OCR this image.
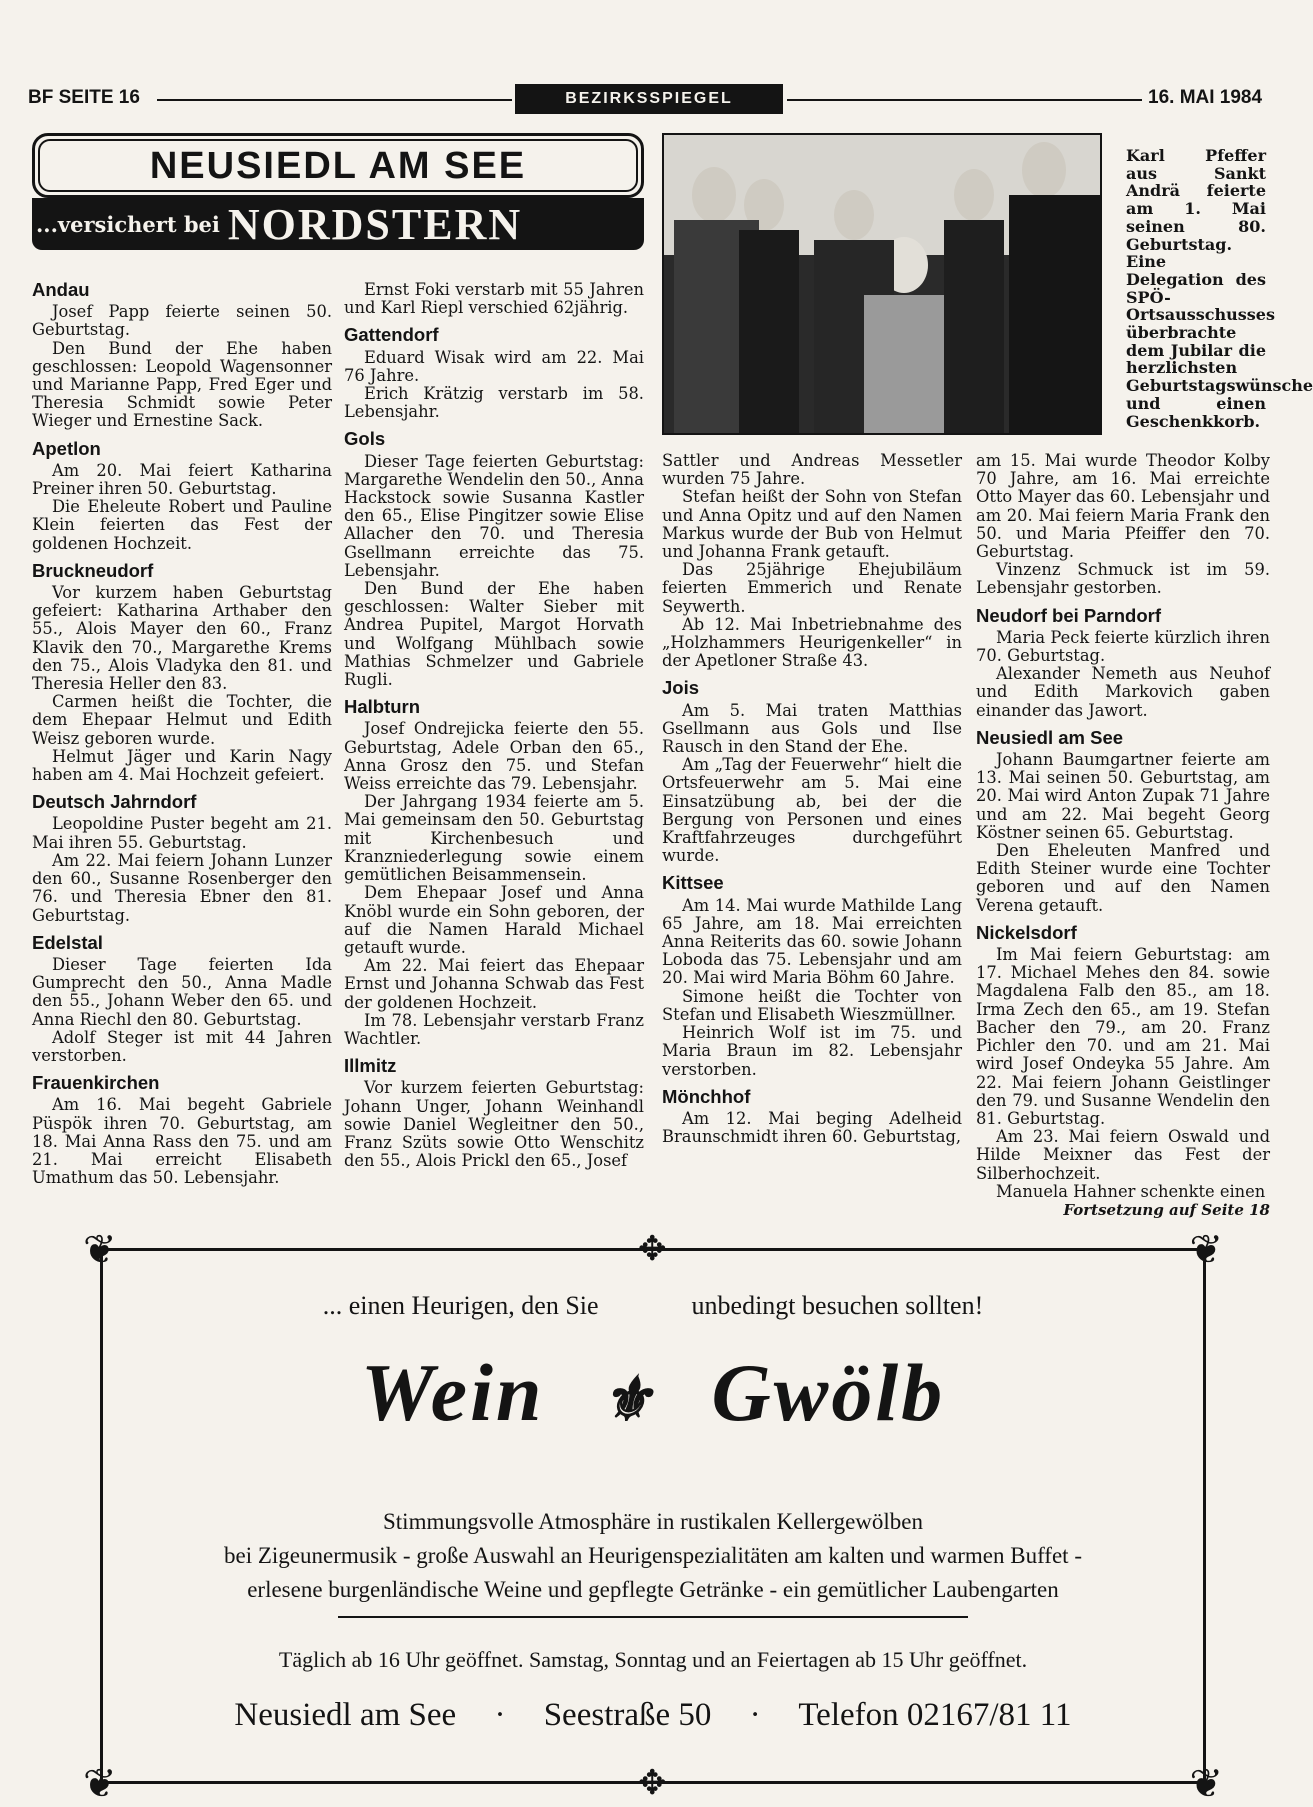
BF SEITE 16	BEZIRKSSPIEGEL	16. MAI 1984
NEUSIEDL AM SEE
...versichert bei NORDSTERN
Karl Pfeffer aus Sankt Andrä feierte am 1. Mai seinen 80. Geburtstag. Eine Delegation des SPÖ-Ortsausschusses überbrachte dem Jubilar die herzlichsten Geburtstagswünsche und einen Geschenkkorb.
Andau

Josef Papp feierte seinen 50. Geburtstag.

Den Bund der Ehe haben geschlossen: Leopold Wagensonner und Marianne Papp, Fred Eger und Theresia Schmidt sowie Peter Wieger und Ernestine Sack.

Apetlon

Am 20. Mai feiert Katharina Preiner ihren 50. Geburtstag.

Die Eheleute Robert und Pauline Klein feierten das Fest der goldenen Hochzeit.

Bruckneudorf

Vor kurzem haben Geburtstag gefeiert: Katharina Arthaber den 55., Alois Mayer den 60., Franz Klavik den 70., Margarethe Krems den 75., Alois Vladyka den 81. und Theresia Heller den 83.

Carmen heißt die Tochter, die dem Ehepaar Helmut und Edith Weisz geboren wurde.

Helmut Jäger und Karin Nagy haben am 4. Mai Hochzeit gefeiert.

Deutsch Jahrndorf

Leopoldine Puster begeht am 21. Mai ihren 55. Geburtstag.

Am 22. Mai feiern Johann Lunzer den 60., Susanne Rosenberger den 76. und Theresia Ebner den 81. Geburtstag.

Edelstal

Dieser Tage feierten Ida Gumprecht den 50., Anna Madle den 55., Johann Weber den 65. und Anna Riechl den 80. Geburtstag.

Adolf Steger ist mit 44 Jahren verstorben.

Frauenkirchen

Am 16. Mai begeht Gabriele Püspök ihren 70. Geburtstag, am 18. Mai Anna Rass den 75. und am 21. Mai erreicht Elisabeth Umathum das 50. Lebensjahr.

Ernst Foki verstarb mit 55 Jahren und Karl Riepl verschied 62jährig.

Gattendorf

Eduard Wisak wird am 22. Mai 76 Jahre.

Erich Krätzig verstarb im 58. Lebensjahr.

Gols

Dieser Tage feierten Geburtstag: Margarethe Wendelin den 50., Anna Hackstock sowie Susanna Kastler den 65., Elise Pingitzer sowie Elise Allacher den 70. und Theresia Gsellmann erreichte das 75. Lebensjahr.

Den Bund der Ehe haben geschlossen: Walter Sieber mit Andrea Pupitel, Margot Horvath und Wolfgang Mühlbach sowie Mathias Schmelzer und Gabriele Rugli.

Halbturn

Josef Ondrejicka feierte den 55. Geburtstag, Adele Orban den 65., Anna Grosz den 75. und Stefan Weiss erreichte das 79. Lebensjahr.

Der Jahrgang 1934 feierte am 5. Mai gemeinsam den 50. Geburtstag mit Kirchenbesuch und Kranzniederlegung sowie einem gemütlichen Beisammensein.

Dem Ehepaar Josef und Anna Knöbl wurde ein Sohn geboren, der auf die Namen Harald Michael getauft wurde.

Am 22. Mai feiert das Ehepaar Ernst und Johanna Schwab das Fest der goldenen Hochzeit.

Im 78. Lebensjahr verstarb Franz Wachtler.

Illmitz

Vor kurzem feierten Geburtstag: Johann Unger, Johann Weinhandl sowie Daniel Wegleitner den 50., Franz Szüts sowie Otto Wenschitz den 55., Alois Prickl den 65., Josef

Sattler und Andreas Messetler wurden 75 Jahre.

Stefan heißt der Sohn von Stefan und Anna Opitz und auf den Namen Markus wurde der Bub von Helmut und Johanna Frank getauft.

Das 25jährige Ehejubiläum feierten Emmerich und Renate Seywerth.

Ab 12. Mai Inbetriebnahme des „Holzhammers Heurigenkeller“ in der Apetloner Straße 43.

Jois

Am 5. Mai traten Matthias Gsellmann aus Gols und Ilse Rausch in den Stand der Ehe.

Am „Tag der Feuerwehr“ hielt die Ortsfeuerwehr am 5. Mai eine Einsatzübung ab, bei der die Bergung von Personen und eines Kraftfahrzeuges durchgeführt wurde.

Kittsee

Am 14. Mai wurde Mathilde Lang 65 Jahre, am 18. Mai erreichten Anna Reiterits das 60. sowie Johann Loboda das 75. Lebensjahr und am 20. Mai wird Maria Böhm 60 Jahre.

Simone heißt die Tochter von Stefan und Elisabeth Wieszmüllner.

Heinrich Wolf ist im 75. und Maria Braun im 82. Lebensjahr verstorben.

Mönchhof

Am 12. Mai beging Adelheid Braunschmidt ihren 60. Geburtstag,

am 15. Mai wurde Theodor Kolby 70 Jahre, am 16. Mai erreichte Otto Mayer das 60. Lebensjahr und am 20. Mai feiern Maria Frank den 50. und Maria Pfeiffer den 70. Geburtstag.

Vinzenz Schmuck ist im 59. Lebensjahr gestorben.

Neudorf bei Parndorf

Maria Peck feierte kürzlich ihren 70. Geburtstag.

Alexander Nemeth aus Neuhof und Edith Markovich gaben einander das Jawort.

Neusiedl am See

Johann Baumgartner feierte am 13. Mai seinen 50. Geburtstag, am 20. Mai wird Anton Zupak 71 Jahre und am 22. Mai begeht Georg Köstner seinen 65. Geburtstag.

Den Eheleuten Manfred und Edith Steiner wurde eine Tochter geboren und auf den Namen Verena getauft.

Nickelsdorf

Im Mai feiern Geburtstag: am 17. Michael Mehes den 84. sowie Magdalena Falb den 85., am 18. Irma Zech den 65., am 19. Stefan Bacher den 79., am 20. Franz Pichler den 70. und am 21. Mai wird Josef Ondeyka 55 Jahre. Am 22. Mai feiern Johann Geistlinger den 79. und Susanne Wendelin den 81. Geburtstag.

Am 23. Mai feiern Oswald und Hilde Meixner das Fest der Silberhochzeit.

Manuela Hahner schenkte einen

Fortsetzung auf Seite 18
❦	❦
❦	❦
✥
✥
... einen Heurigen, den Sie	unbedingt besuchen sollten!
Wein ⚜ Gwölb
Stimmungsvolle Atmosphäre in rustikalen Kellergewölben
bei Zigeunermusik - große Auswahl an Heurigenspezialitäten am kalten und warmen Buffet -
erlesene burgenländische Weine und gepflegte Getränke - ein gemütlicher Laubengarten
Täglich ab 16 Uhr geöffnet. Samstag, Sonntag und an Feiertagen ab 15 Uhr geöffnet.
Neusiedl am See · Seestraße 50 · Telefon 02167/81 11
